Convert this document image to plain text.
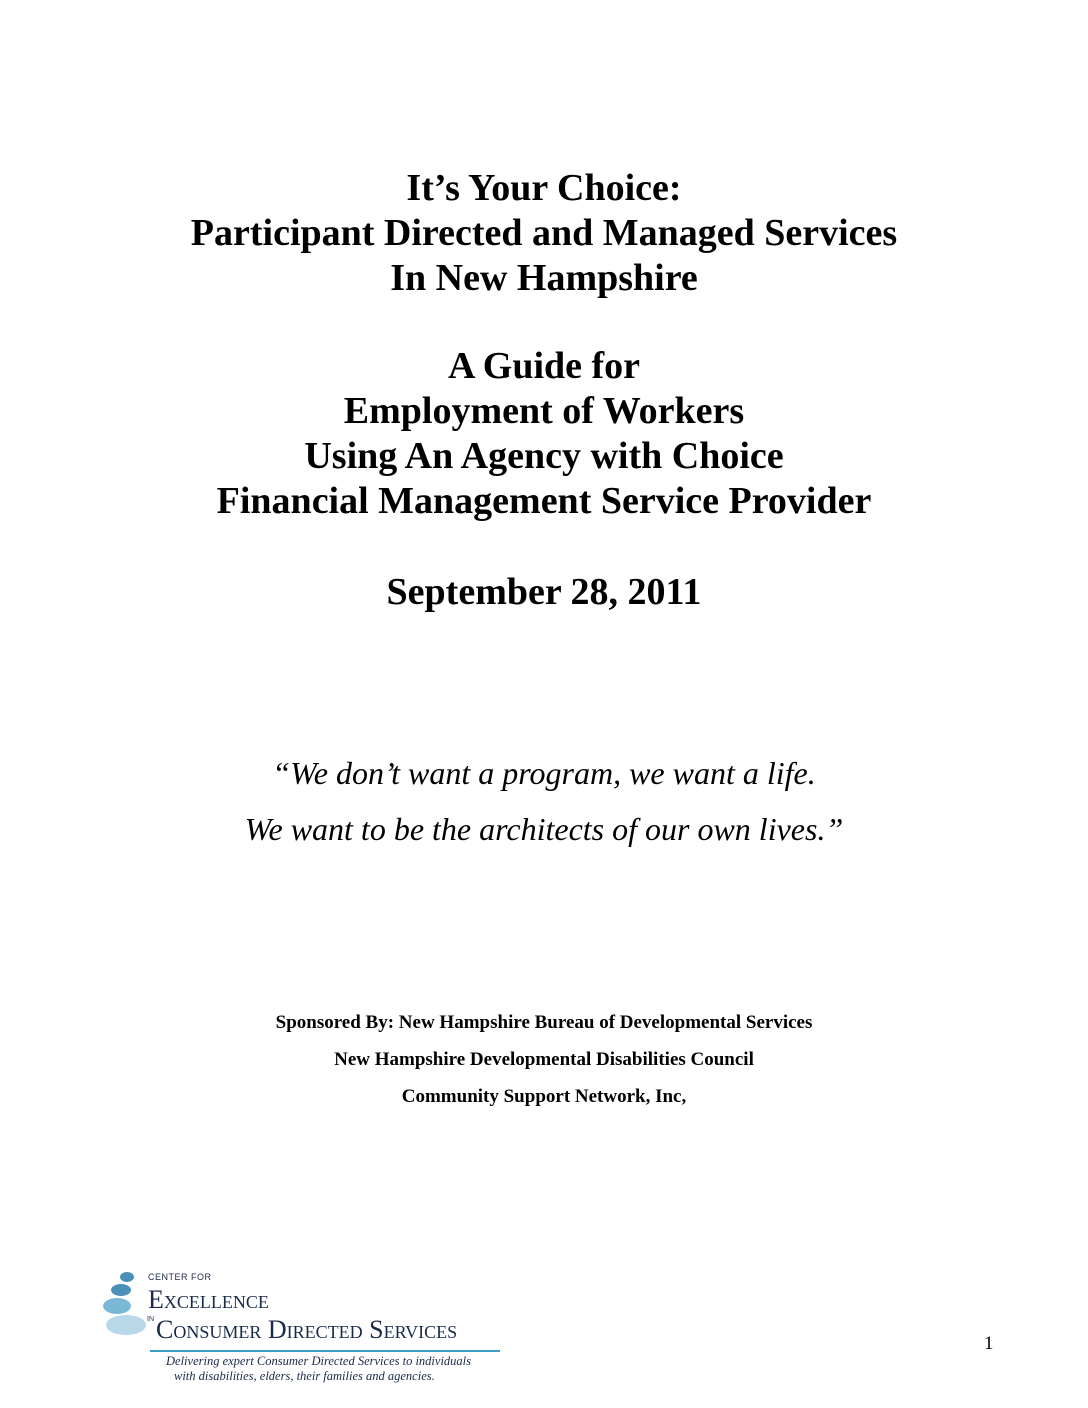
It’s Your Choice:
Participant Directed and Managed Services
In New Hampshire
A Guide for
Employment of Workers
Using An Agency with Choice
Financial Management Service Provider
September 28, 2011
“We don’t want a program, we want a life.
We want to be the architects of our own lives.”
Sponsored By: New Hampshire Bureau of Developmental Services
New Hampshire Developmental Disabilities Council
Community Support Network, Inc,
CENTER FOR
Excellence
IN Consumer Directed Services
Delivering expert Consumer Directed Services to individuals
with disabilities, elders, their families and agencies.
1
